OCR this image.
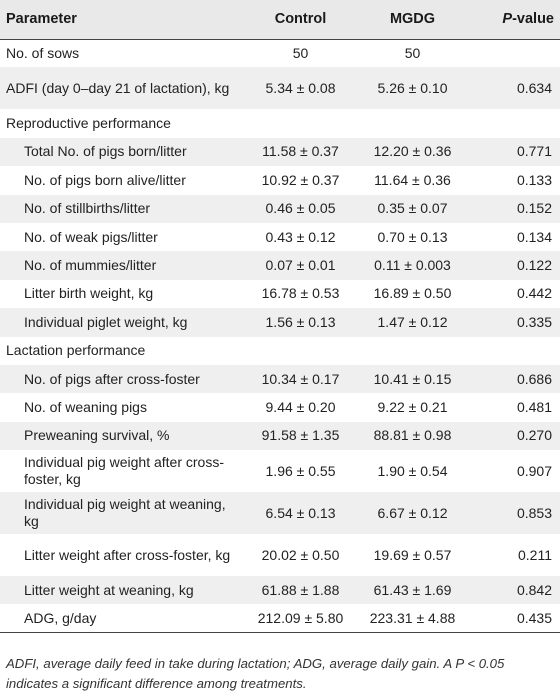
Parameter	Control	MGDG	P-value
No. of sows	50	50	
ADFI (day 0–day 21 of lactation), kg	5.34 ± 0.08	5.26 ± 0.10	0.634
Reproductive performance			
Total No. of pigs born/litter	11.58 ± 0.37	12.20 ± 0.36	0.771
No. of pigs born alive/litter	10.92 ± 0.37	11.64 ± 0.36	0.133
No. of stillbirths/litter	0.46 ± 0.05	0.35 ± 0.07	0.152
No. of weak pigs/litter	0.43 ± 0.12	0.70 ± 0.13	0.134
No. of mummies/litter	0.07 ± 0.01	0.11 ± 0.003	0.122
Litter birth weight, kg	16.78 ± 0.53	16.89 ± 0.50	0.442
Individual piglet weight, kg	1.56 ± 0.13	1.47 ± 0.12	0.335
Lactation performance			
No. of pigs after cross-foster	10.34 ± 0.17	10.41 ± 0.15	0.686
No. of weaning pigs	9.44 ± 0.20	9.22 ± 0.21	0.481
Preweaning survival, %	91.58 ± 1.35	88.81 ± 0.98	0.270
Individual pig weight after cross-foster, kg	1.96 ± 0.55	1.90 ± 0.54	0.907
Individual pig weight at weaning, kg	6.54 ± 0.13	6.67 ± 0.12	0.853
Litter weight after cross-foster, kg	20.02 ± 0.50	19.69 ± 0.57	0.211
Litter weight at weaning, kg	61.88 ± 1.88	61.43 ± 1.69	0.842
ADG, g/day	212.09 ± 5.80	223.31 ± 4.88	0.435
ADFI, average daily feed in take during lactation; ADG, average daily gain. A P < 0.05 indicates a significant difference among treatments.
